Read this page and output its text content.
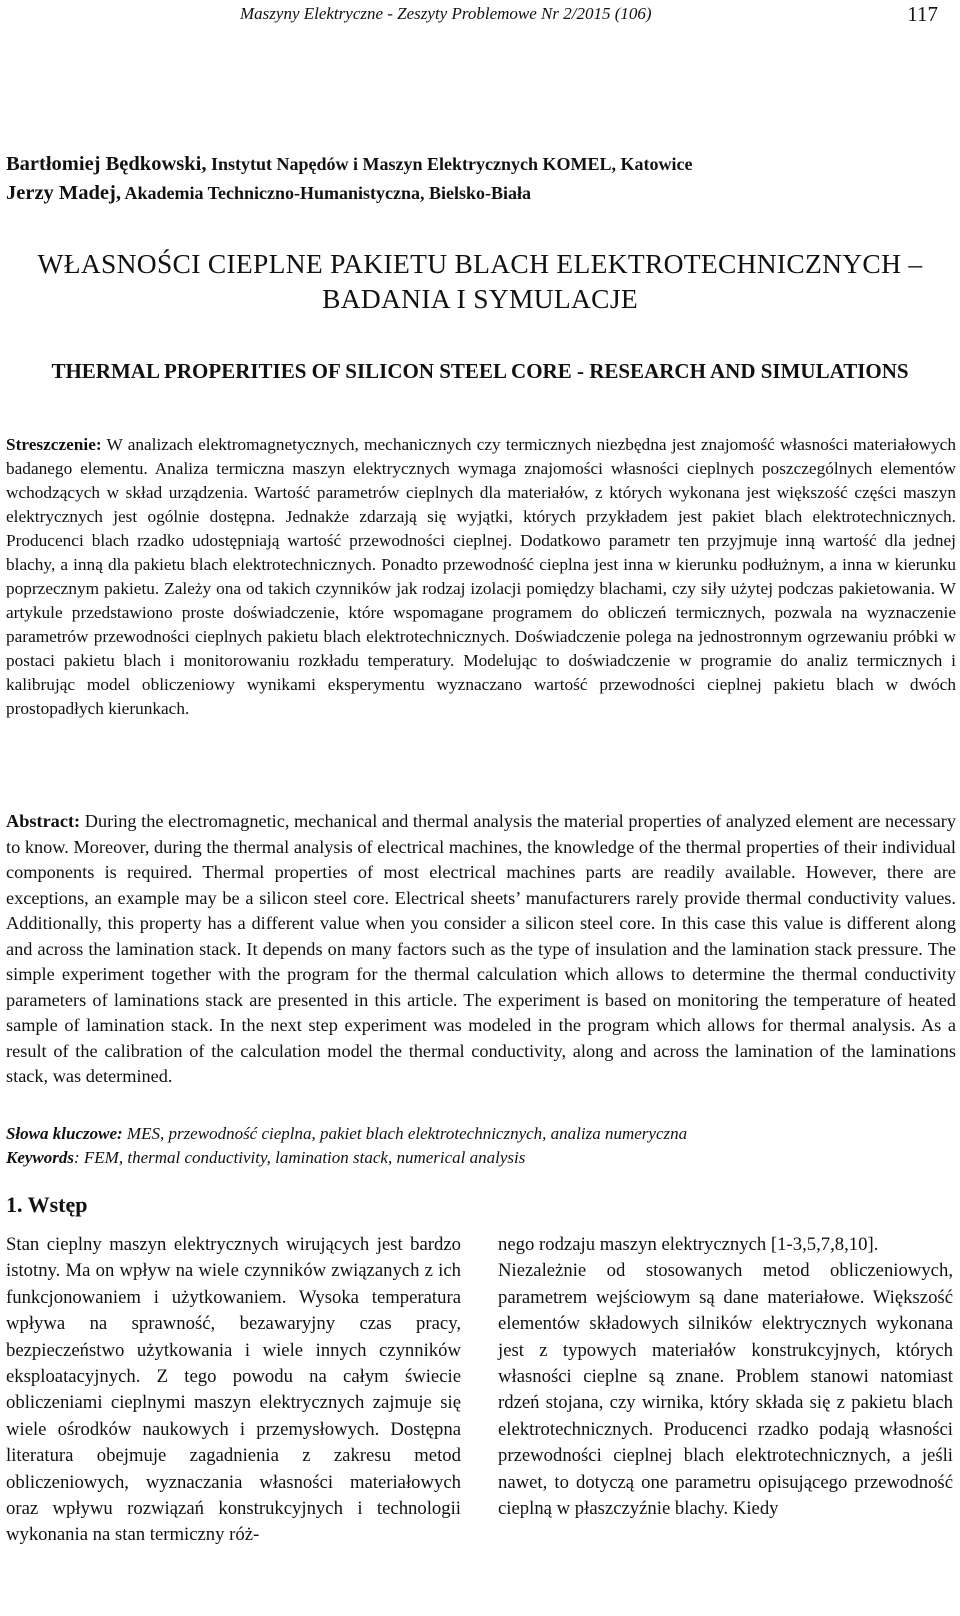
Maszyny Elektryczne - Zeszyty Problemowe Nr 2/2015 (106)	117
Bartłomiej Będkowski, Instytut Napędów i Maszyn Elektrycznych KOMEL, Katowice
Jerzy Madej, Akademia Techniczno-Humanistyczna, Bielsko-Biała
WŁASNOŚCI CIEPLNE PAKIETU BLACH ELEKTROTECHNICZNYCH – BADANIA I SYMULACJE
THERMAL PROPERITIES OF SILICON STEEL CORE - RESEARCH AND SIMULATIONS
Streszczenie: W analizach elektromagnetycznych, mechanicznych czy termicznych niezbędna jest znajomość własności materiałowych badanego elementu. Analiza termiczna maszyn elektrycznych wymaga znajomości własności cieplnych poszczególnych elementów wchodzących w skład urządzenia. Wartość parametrów cieplnych dla materiałów, z których wykonana jest większość części maszyn elektrycznych jest ogólnie dostępna. Jednakże zdarzają się wyjątki, których przykładem jest pakiet blach elektrotechnicznych. Producenci blach rzadko udostępniają wartość przewodności cieplnej. Dodatkowo parametr ten przyjmuje inną wartość dla jednej blachy, a inną dla pakietu blach elektrotechnicznych. Ponadto przewodność cieplna jest inna w kierunku podłużnym, a inna w kierunku poprzecznym pakietu. Zależy ona od takich czynników jak rodzaj izolacji pomiędzy blachami, czy siły użytej podczas pakietowania. W artykule przedstawiono proste doświadczenie, które wspomagane programem do obliczeń termicznych, pozwala na wyznaczenie parametrów przewodności cieplnych pakietu blach elektrotechnicznych. Doświadczenie polega na jednostronnym ogrzewaniu próbki w postaci pakietu blach i monitorowaniu rozkładu temperatury. Modelując to doświadczenie w programie do analiz termicznych i kalibrując model obliczeniowy wynikami eksperymentu wyznaczano wartość przewodności cieplnej pakietu blach w dwóch prostopadłych kierunkach.
Abstract: During the electromagnetic, mechanical and thermal analysis the material properties of analyzed element are necessary to know. Moreover, during the thermal analysis of electrical machines, the knowledge of the thermal properties of their individual components is required. Thermal properties of most electrical machines parts are readily available. However, there are exceptions, an example may be a silicon steel core. Electrical sheets’ manufacturers rarely provide thermal conductivity values. Additionally, this property has a different value when you consider a silicon steel core. In this case this value is different along and across the lamination stack. It depends on many factors such as the type of insulation and the lamination stack pressure. The simple experiment together with the program for the thermal calculation which allows to determine the thermal conductivity parameters of laminations stack are presented in this article. The experiment is based on monitoring the temperature of heated sample of lamination stack. In the next step experiment was modeled in the program which allows for thermal analysis. As a result of the calibration of the calculation model the thermal conductivity, along and across the lamination of the laminations stack, was determined.
Słowa kluczowe: MES, przewodność cieplna, pakiet blach elektrotechnicznych, analiza numeryczna
Keywords: FEM, thermal conductivity, lamination stack, numerical analysis
1. Wstęp

Stan cieplny maszyn elektrycznych wirujących jest bardzo istotny. Ma on wpływ na wiele czynników związanych z ich funkcjonowaniem i użytkowaniem. Wysoka temperatura wpływa na sprawność, bezawaryjny czas pracy, bezpieczeństwo użytkowania i wiele innych czynników eksploatacyjnych. Z tego powodu na całym świecie obliczeniami cieplnymi maszyn elektrycznych zajmuje się wiele ośrodków naukowych i przemysłowych. Dostępna literatura obejmuje zagadnienia z zakresu metod obliczeniowych, wyznaczania własności materiałowych oraz wpływu rozwiązań konstrukcyjnych i technologii wykonania na stan termiczny róż-

nego rodzaju maszyn elektrycznych [1-3,5,7,8,10].

Niezależnie od stosowanych metod obliczeniowych, parametrem wejściowym są dane materiałowe. Większość elementów składowych silników elektrycznych wykonana jest z typowych materiałów konstrukcyjnych, których własności cieplne są znane. Problem stanowi natomiast rdzeń stojana, czy wirnika, który składa się z pakietu blach elektrotechnicznych. Producenci rzadko podają własności przewodności cieplnej blach elektrotechnicznych, a jeśli nawet, to dotyczą one parametru opisującego przewodność cieplną w płaszczyźnie blachy. Kiedy
